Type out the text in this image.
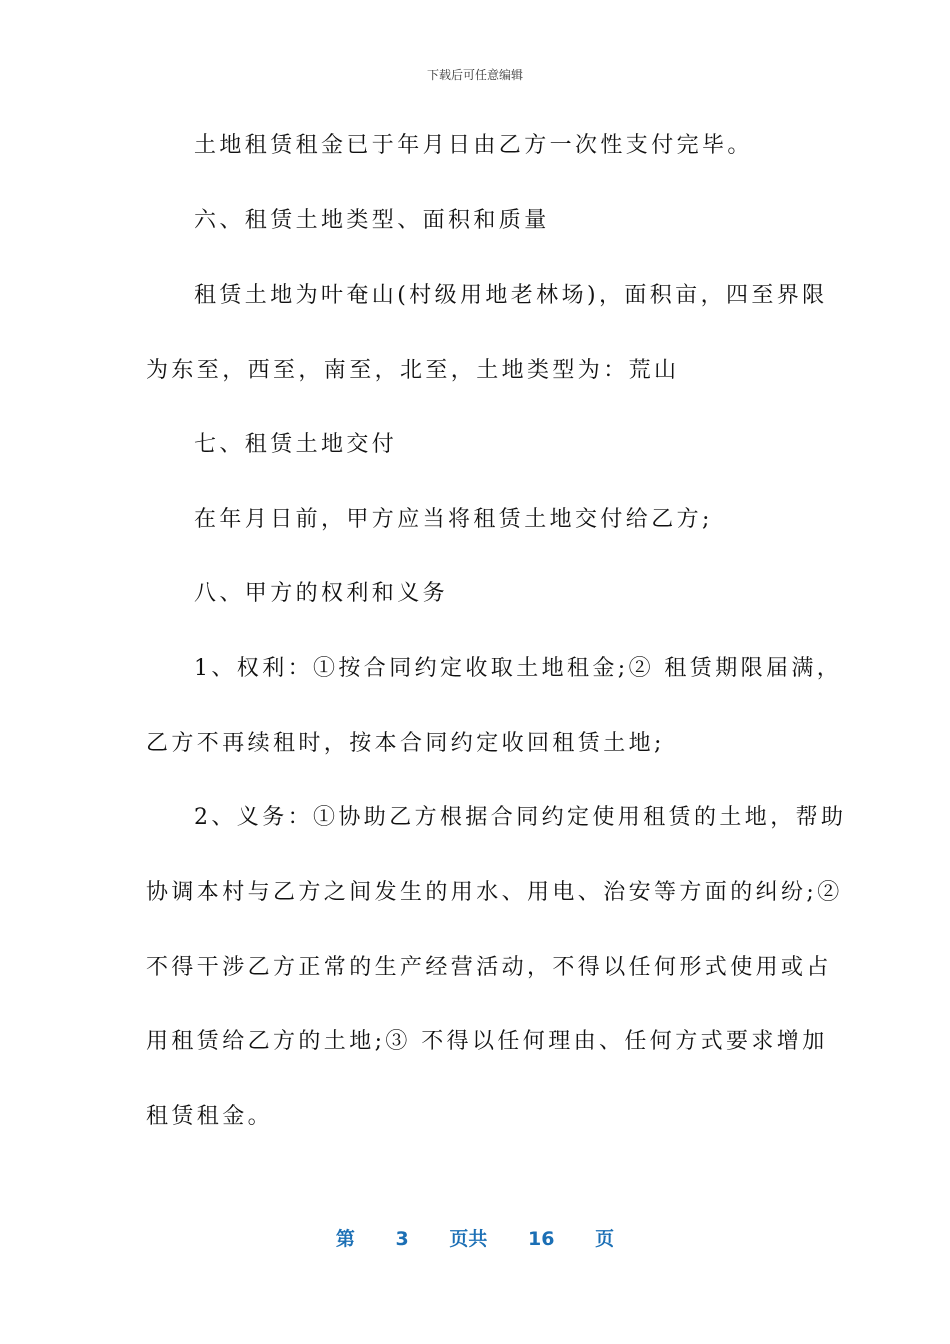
下载后可任意编辑
土地租赁租金已于年月日由乙方一次性支付完毕。
六、租赁土地类型、面积和质量
租赁土地为叶奄山(村级用地老林场)，面积亩，四至界限
为东至，西至，南至，北至，土地类型为：荒山
七、租赁土地交付
在年月日前，甲方应当将租赁土地交付给乙方;
八、甲方的权利和义务
1、权利：①按合同约定收取土地租金;② 租赁期限届满，
乙方不再续租时，按本合同约定收回租赁土地;
2、义务：①协助乙方根据合同约定使用租赁的土地，帮助
协调本村与乙方之间发生的用水、用电、治安等方面的纠纷;②
不得干涉乙方正常的生产经营活动，不得以任何形式使用或占
用租赁给乙方的土地;③ 不得以任何理由、任何方式要求增加
租赁租金。
第 3 页共 16 页
